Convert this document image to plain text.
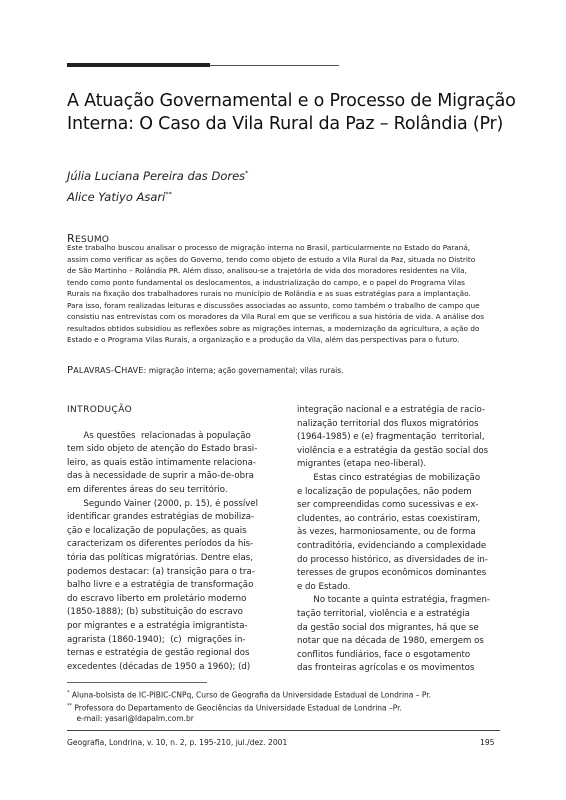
A Atuação Governamental e o Processo de Migração
Interna: O Caso da Vila Rural da Paz – Rolândia (Pr)
Júlia Luciana Pereira das Dores*
Alice Yatiyo Asari**
RESUMO
Este trabalho buscou analisar o processo de migração interna no Brasil, particularmente no Estado do Paraná,
assim como verificar as ações do Governo, tendo como objeto de estudo a Vila Rural da Paz, situada no Distrito
de São Martinho – Rolândia PR. Além disso, analisou-se a trajetória de vida dos moradores residentes na Vila,
tendo como ponto fundamental os deslocamentos, a industrialização do campo, e o papel do Programa Vilas
Rurais na fixação dos trabalhadores rurais no município de Rolândia e as suas estratégias para a implantação.
Para isso, foram realizadas leituras e discussões associadas ao assunto, como também o trabalho de campo que
consistiu nas entrevistas com os moradores da Vila Rural em que se verificou a sua história de vida. A análise dos
resultados obtidos subsidiou as reflexões sobre as migrações internas, a modernização da agricultura, a ação do
Estado e o Programa Vilas Rurais, a organização e a produção da Vila, além das perspectivas para o futuro.
PALAVRAS-CHAVE: migração interna; ação governamental; vilas rurais.
INTRODUÇÃO
As questões  relacionadas à população
tem sido objeto de atenção do Estado brasi-
leiro, as quais estão intimamente relaciona-
das à necessidade de suprir a mão-de-obra
em diferentes áreas do seu território.
Segundo Vainer (2000, p. 15), é possível
identificar grandes estratégias de mobiliza-
ção e localização de populações, as quais
caracterizam os diferentes períodos da his-
tória das políticas migratórias. Dentre elas,
podemos destacar: (a) transição para o tra-
balho livre e a estratégia de transformação
do escravo liberto em proletário moderno
(1850-1888); (b) substituição do escravo
por migrantes e a estratégia imigrantista-
agrarista (1860-1940);  (c)  migrações in-
ternas e estratégia de gestão regional dos
excedentes (décadas de 1950 a 1960); (d)
integração nacional e a estratégia de racio-
nalização territorial dos fluxos migratórios
(1964-1985) e (e) fragmentação  territorial,
violência e a estratégia da gestão social dos
migrantes (etapa neo-liberal).
Estas cinco estratégias de mobilização
e localização de populações, não podem
ser compreendidas como sucessivas e ex-
cludentes, ao contrário, estas coexistiram,
às vezes, harmoniosamente, ou de forma
contraditória, evidenciando a complexidade
do processo histórico, as diversidades de in-
teresses de grupos econômicos dominantes
e do Estado.
No tocante a quinta estratégia, fragmen-
tação territorial, violência e a estratégia
da gestão social dos migrantes, há que se
notar que na década de 1980, emergem os
conflitos fundiários, face o esgotamento
das fronteiras agrícolas e os movimentos
* Aluna-bolsista de IC-PIBIC-CNPq, Curso de Geografia da Universidade Estadual de Londrina – Pr.
** Professora do Departamento de Geociências da Universidade Estadual de Londrina –Pr.
e-mail: yasari@ldapalm.com.br
Geografia, Londrina, v. 10, n. 2, p. 195-210, jul./dez. 2001	195
